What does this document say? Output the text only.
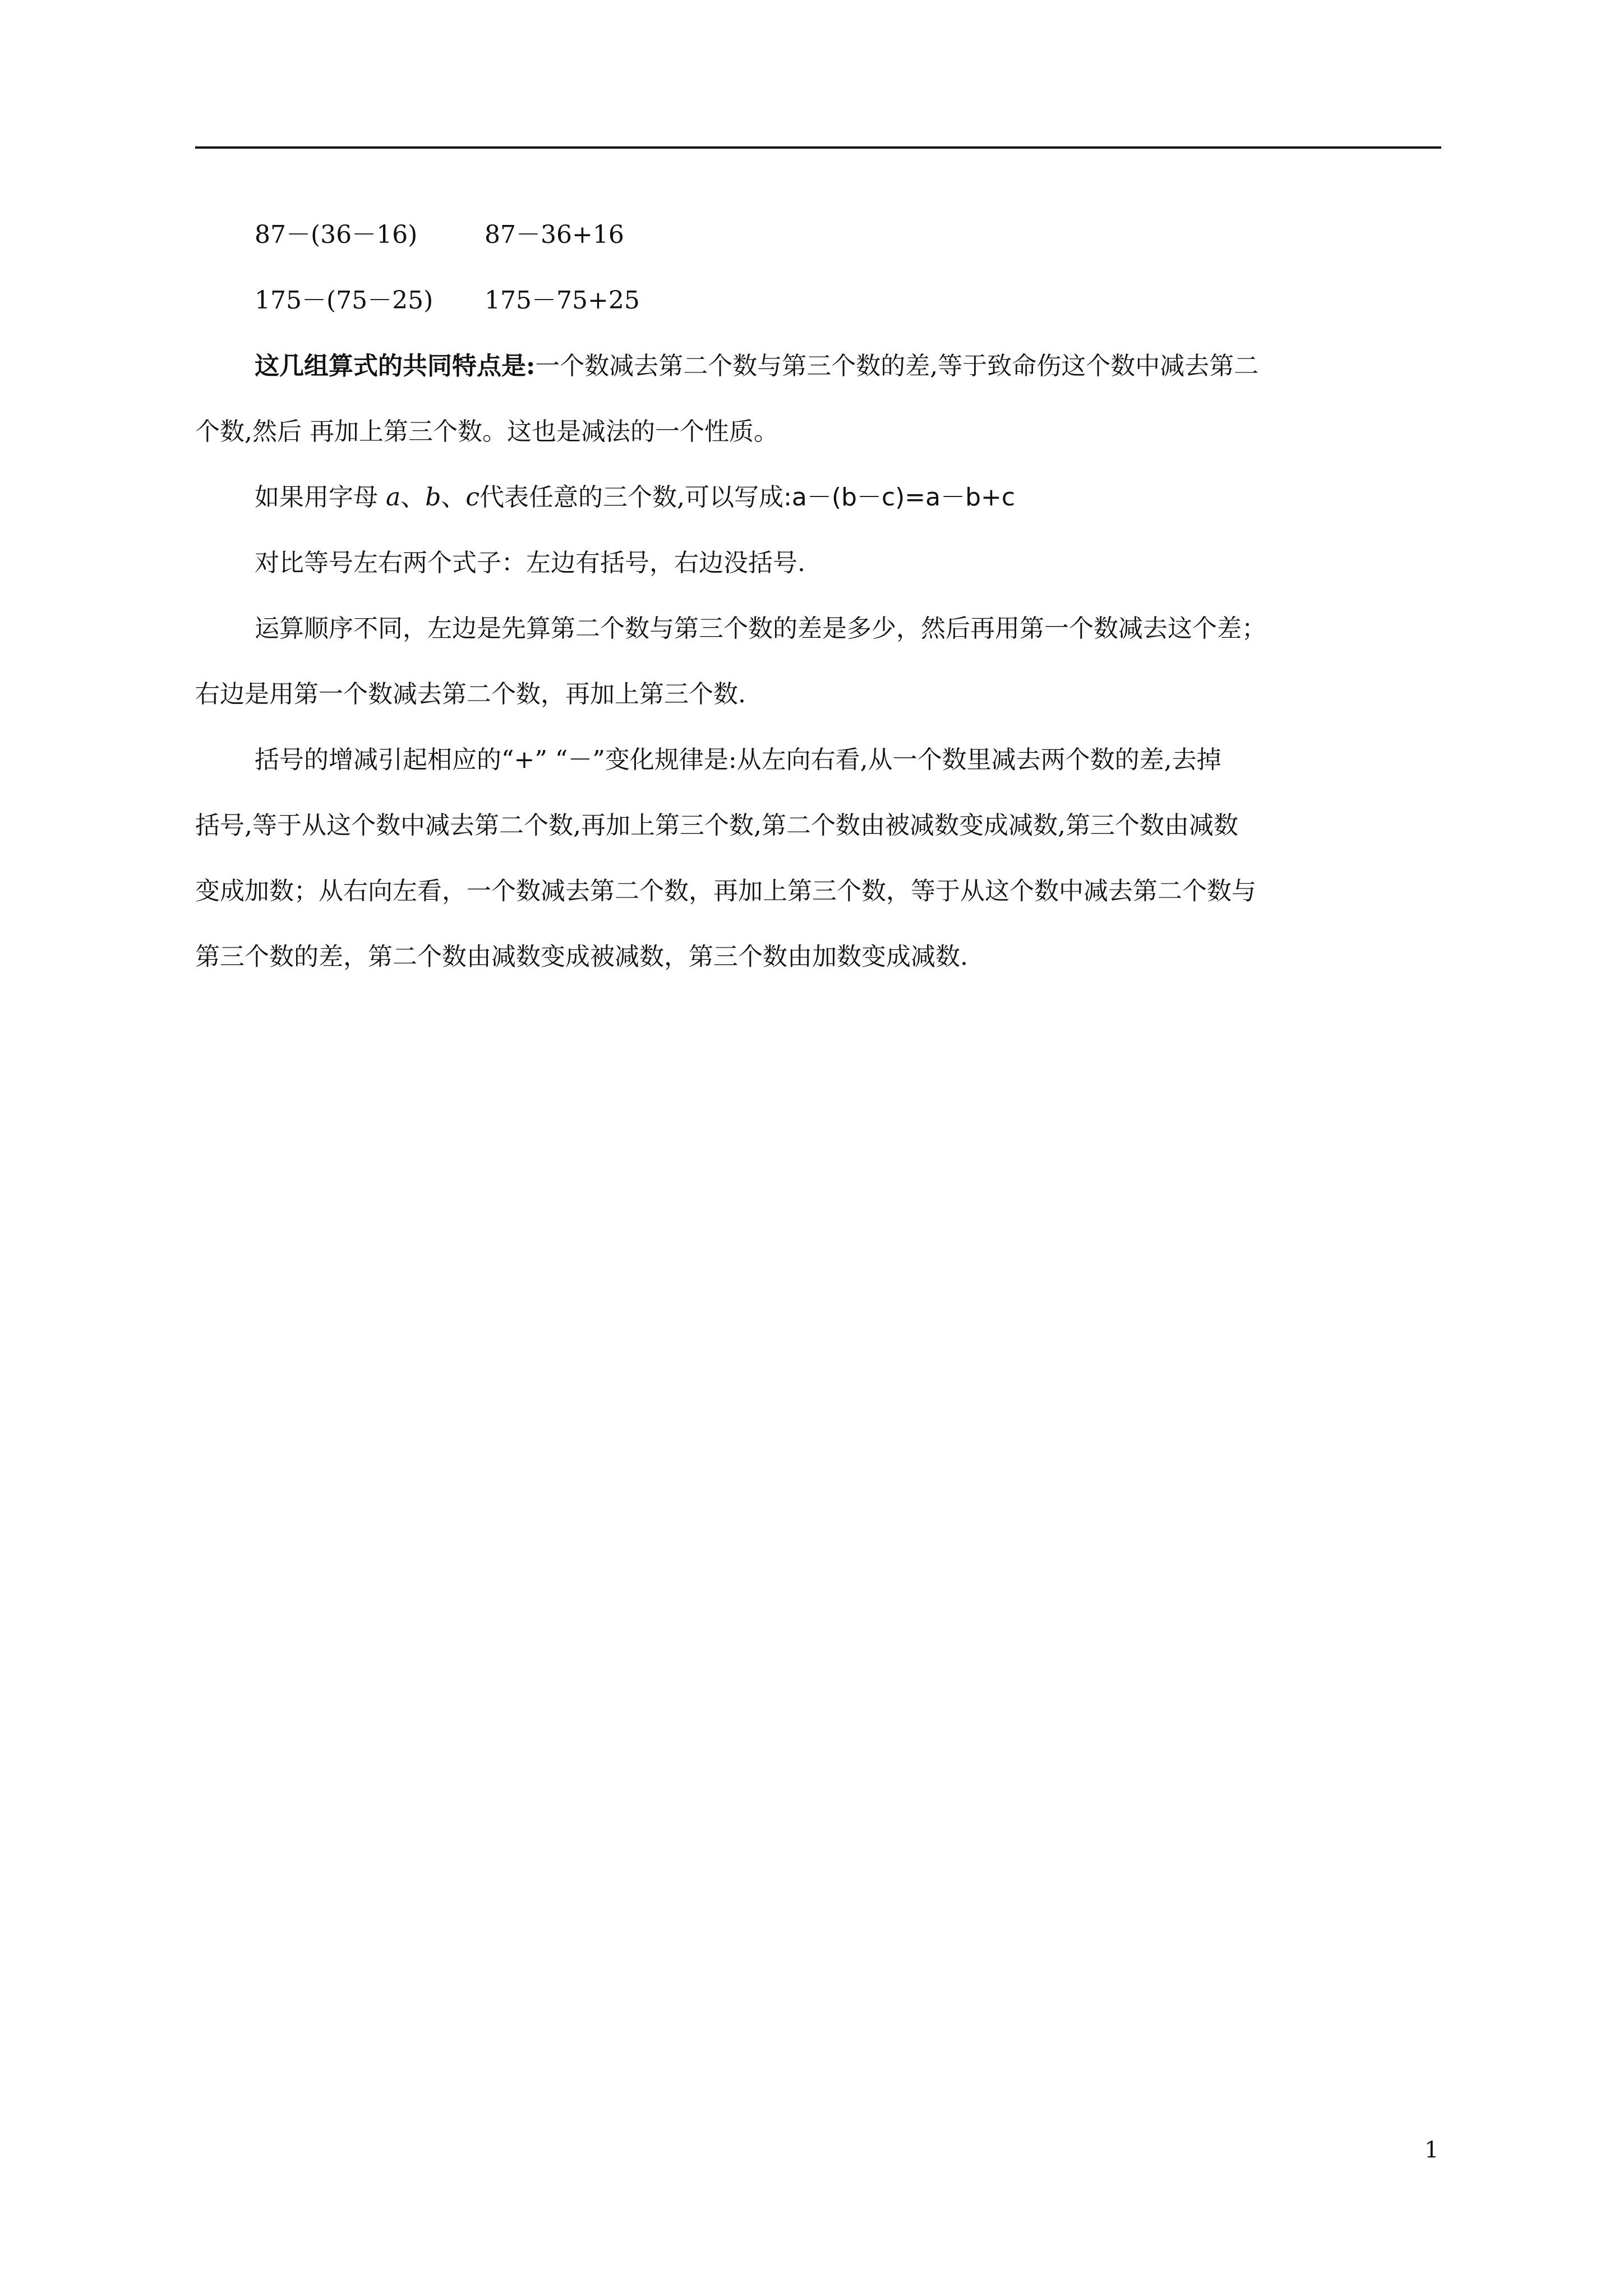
87－(36－16)	87－36+16
175－(75－25) 175－75+25
这几组算式的共同特点是:一个数减去第二个数与第三个数的差,等于致命伤这个数中减去第二
个数,然后 再加上第三个数。这也是减法的一个性质。
如果用字母 a、b、c代表任意的三个数,可以写成:a－(b－c)=a－b+c
对比等号左右两个式子：左边有括号，右边没括号.
运算顺序不同，左边是先算第二个数与第三个数的差是多少，然后再用第一个数减去这个差；
右边是用第一个数减去第二个数，再加上第三个数.
括号的增减引起相应的“+” “－”变化规律是:从左向右看,从一个数里减去两个数的差,去掉
括号,等于从这个数中减去第二个数,再加上第三个数,第二个数由被减数变成减数,第三个数由减数
变成加数；从右向左看，一个数减去第二个数，再加上第三个数，等于从这个数中减去第二个数与
第三个数的差，第二个数由减数变成被减数，第三个数由加数变成减数.
1
